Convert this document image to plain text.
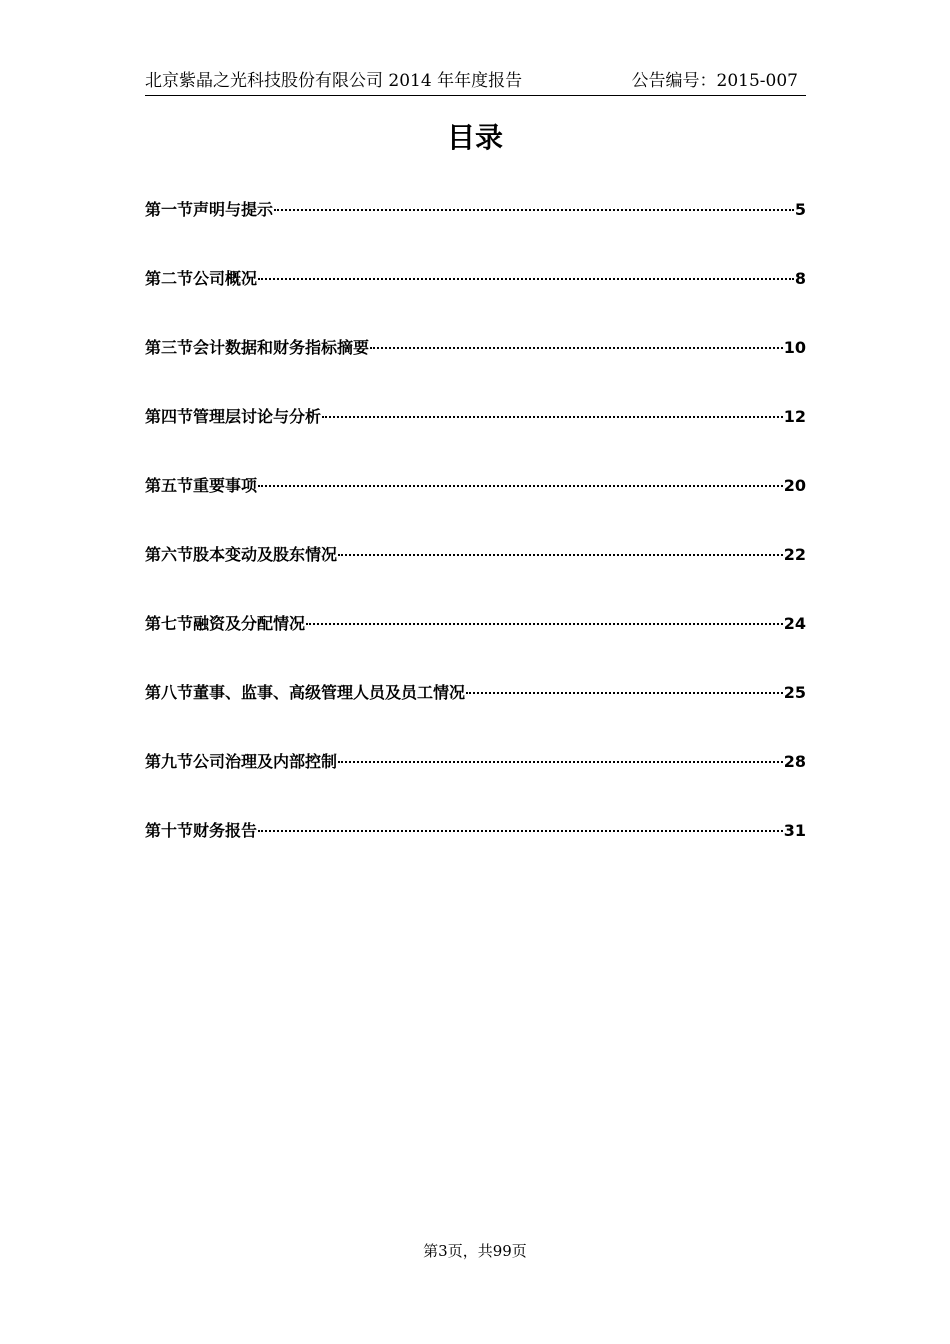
北京紫晶之光科技股份有限公司 2014 年年度报告	公告编号：2015-007
目录
第一节声明与提示	5
第二节公司概况	8
第三节会计数据和财务指标摘要	10
第四节管理层讨论与分析	12
第五节重要事项	20
第六节股本变动及股东情况	22
第七节融资及分配情况	24
第八节董事、监事、高级管理人员及员工情况	25
第九节公司治理及内部控制	28
第十节财务报告	31
第3页，共99页
